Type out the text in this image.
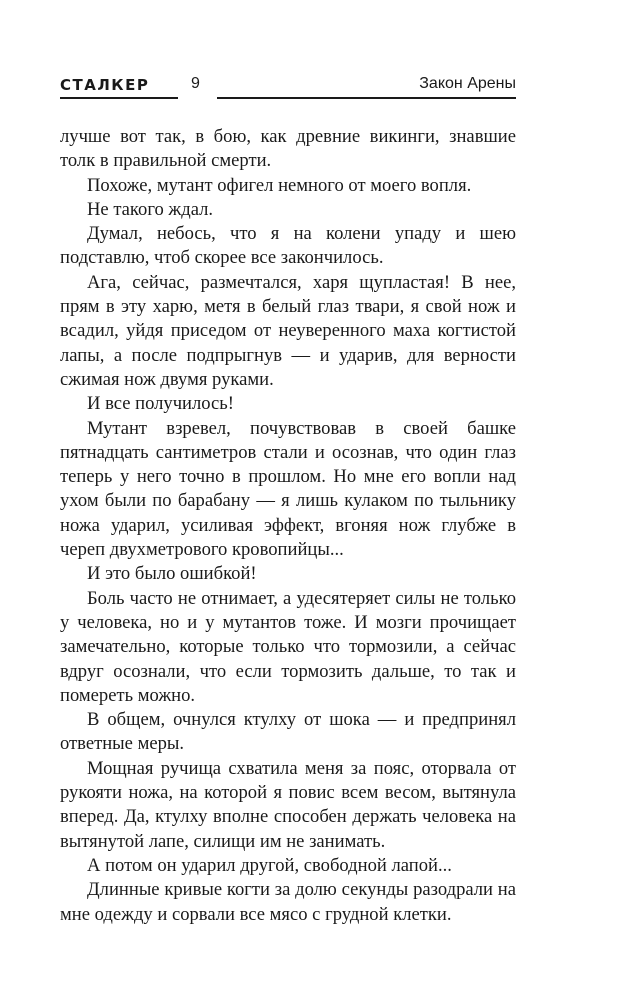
СТАЛКЕР	9	Закон Арены

лучше вот так, в бою, как древние викинги, знавшие толк в правильной смерти.

Похоже, мутант офигел немного от моего вопля.

Не такого ждал.

Думал, небось, что я на колени упаду и шею подставлю, чтоб скорее все закончилось.

Ага, сейчас, размечтался, харя щупластая! В нее, прям в эту харю, метя в белый глаз твари, я свой нож и всадил, уйдя приседом от неуверенного маха когтистой лапы, а после подпрыгнув — и ударив, для верности сжимая нож двумя руками.

И все получилось!

Мутант взревел, почувствовав в своей башке пятнадцать сантиметров стали и осознав, что один глаз теперь у него точно в прошлом. Но мне его вопли над ухом были по барабану — я лишь кулаком по тыльнику ножа ударил, усиливая эффект, вгоняя нож глубже в череп двухметрового кровопийцы...

И это было ошибкой!

Боль часто не отнимает, а удесятеряет силы не только у человека, но и у мутантов тоже. И мозги прочищает замечательно, которые только что тормозили, а сейчас вдруг осознали, что если тормозить дальше, то так и помереть можно.

В общем, очнулся ктулху от шока — и предпринял ответные меры.

Мощная ручища схватила меня за пояс, оторвала от рукояти ножа, на которой я повис всем весом, вытянула вперед. Да, ктулху вполне способен держать человека на вытянутой лапе, силищи им не занимать.

А потом он ударил другой, свободной лапой...

Длинные кривые когти за долю секунды разодрали на мне одежду и сорвали все мясо с грудной клетки.
